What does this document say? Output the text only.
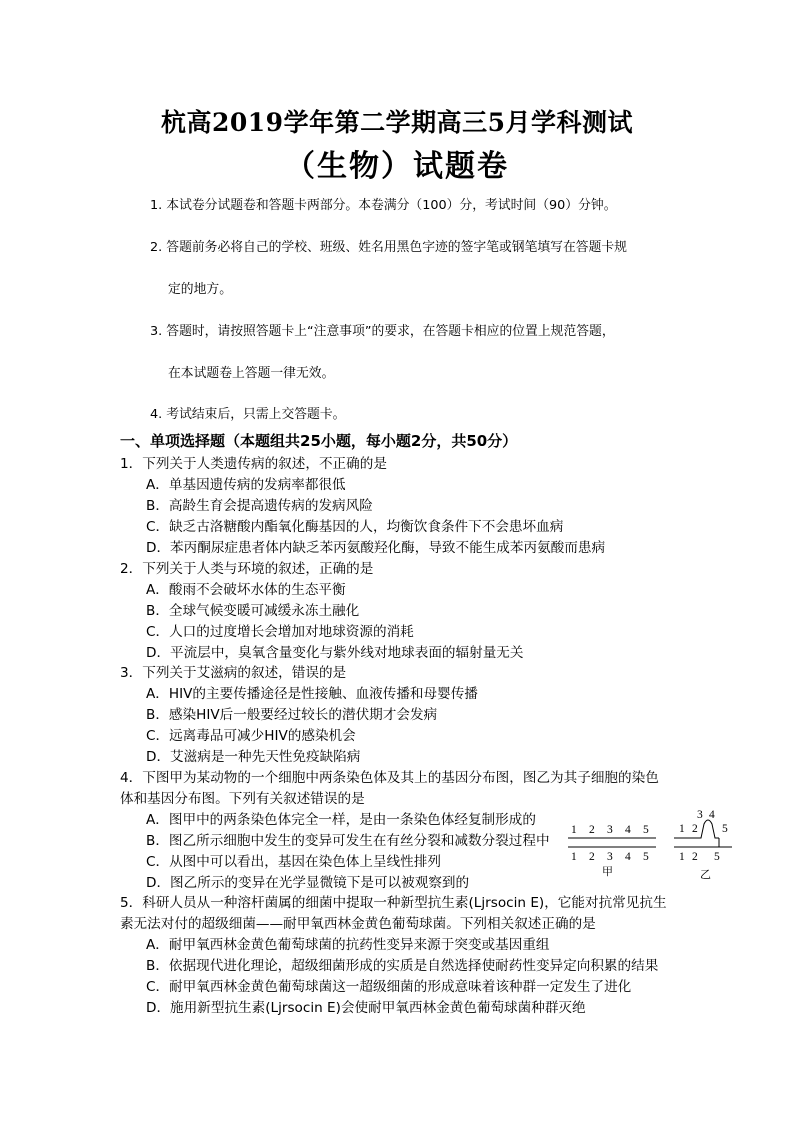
杭高2019学年第二学期高三5月学科测试
（生物）试题卷
1. 本试卷分试题卷和答题卡两部分。本卷满分（100）分，考试时间（90）分钟。
2. 答题前务必将自己的学校、班级、姓名用黑色字迹的签字笔或钢笔填写在答题卡规
定的地方。
3. 答题时，请按照答题卡上“注意事项”的要求，在答题卡相应的位置上规范答题，
在本试题卷上答题一律无效。
4. 考试结束后，只需上交答题卡。
一、单项选择题（本题组共25小题，每小题2分，共50分）
1．下列关于人类遗传病的叙述，不正确的是
A．单基因遗传病的发病率都很低
B．高龄生育会提高遗传病的发病风险
C．缺乏古洛糖酸内酯氧化酶基因的人，均衡饮食条件下不会患坏血病
D．苯丙酮尿症患者体内缺乏苯丙氨酸羟化酶，导致不能生成苯丙氨酸而患病
2．下列关于人类与环境的叙述，正确的是
A．酸雨不会破坏水体的生态平衡
B．全球气候变暖可减缓永冻土融化
C．人口的过度增长会增加对地球资源的消耗
D．平流层中，臭氧含量变化与紫外线对地球表面的辐射量无关
3．下列关于艾滋病的叙述，错误的是
A．HIV的主要传播途径是性接触、血液传播和母婴传播
B．感染HIV后一般要经过较长的潜伏期才会发病
C．远离毒品可减少HIV的感染机会
D．艾滋病是一种先天性免疫缺陷病
4．下图甲为某动物的一个细胞中两条染色体及其上的基因分布图，图乙为其子细胞的染色
体和基因分布图。下列有关叙述错误的是
A．图甲中的两条染色体完全一样，是由一条染色体经复制形成的
B．图乙所示细胞中发生的变异可发生在有丝分裂和减数分裂过程中
C．从图中可以看出，基因在染色体上呈线性排列
D．图乙所示的变异在光学显微镜下是可以被观察到的
1 2 3 4 5
1 2 3 4 5
甲
1 2
3 4
5
1 2 5
乙
5．科研人员从一种溶杆菌属的细菌中提取一种新型抗生素(Ljrsocin E)，它能对抗常见抗生
素无法对付的超级细菌——耐甲氧西林金黄色葡萄球菌。下列相关叙述正确的是
A．耐甲氧西林金黄色葡萄球菌的抗药性变异来源于突变或基因重组
B．依据现代进化理论，超级细菌形成的实质是自然选择使耐药性变异定向积累的结果
C．耐甲氧西林金黄色葡萄球菌这一超级细菌的形成意味着该种群一定发生了进化
D．施用新型抗生素(Ljrsocin E)会使耐甲氧西林金黄色葡萄球菌种群灭绝
